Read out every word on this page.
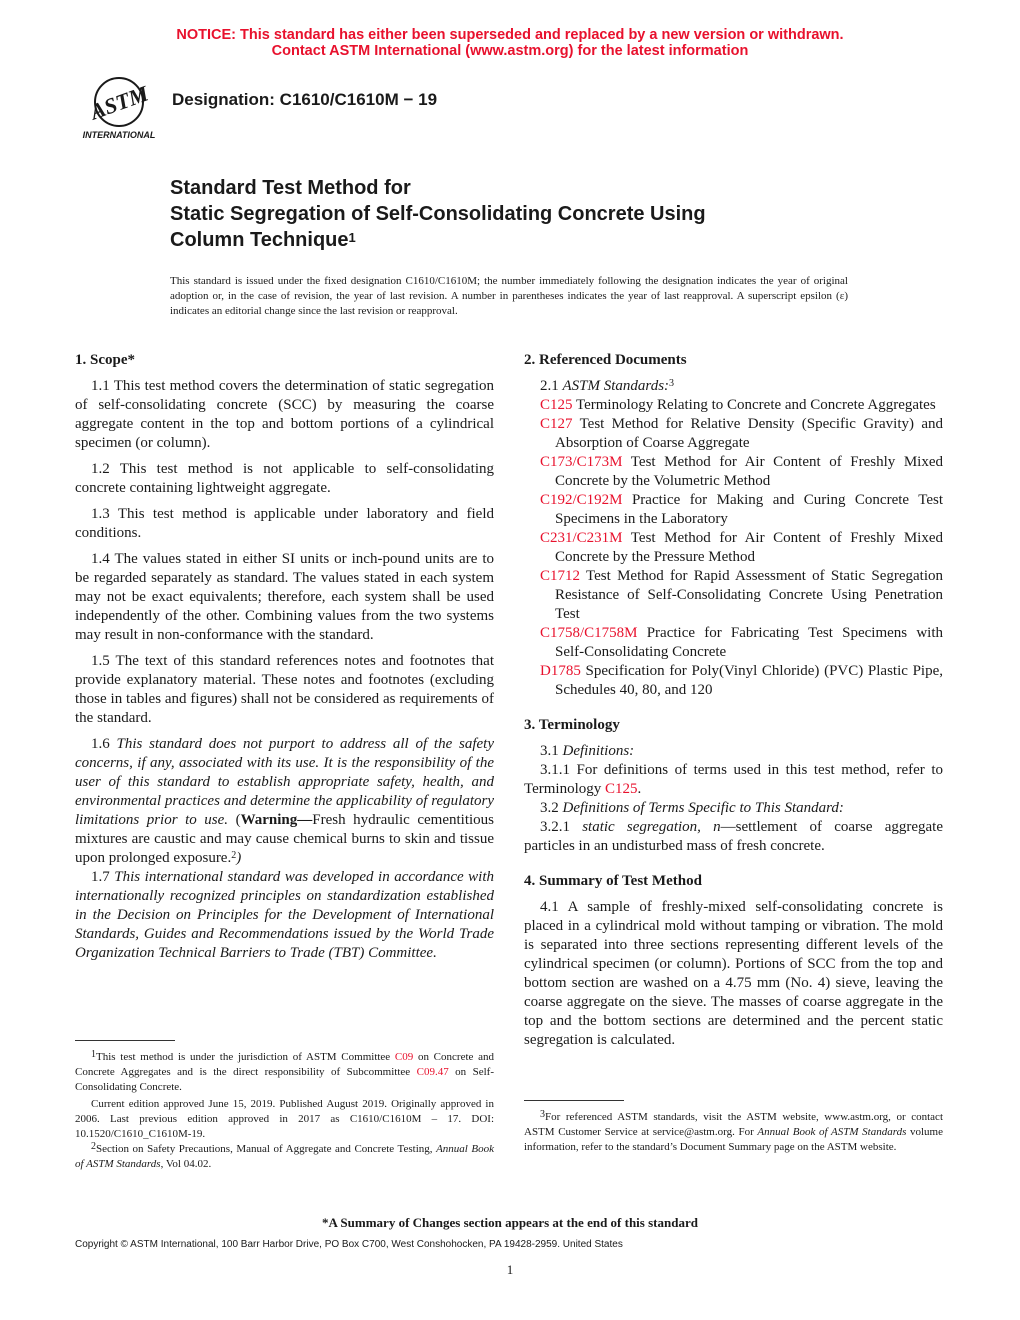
NOTICE: This standard has either been superseded and replaced by a new version or withdrawn.
Contact ASTM International (www.astm.org) for the latest information
ASTM
INTERNATIONAL
Designation: C1610/C1610M − 19
Standard Test Method for
Static Segregation of Self-Consolidating Concrete Using
Column Technique$^1$
This standard is issued under the fixed designation C1610/C1610M; the number immediately following the designation indicates the year of original adoption or, in the case of revision, the year of last revision. A number in parentheses indicates the year of last reapproval. A superscript epsilon (ε) indicates an editorial change since the last revision or reapproval.
1. Scope*

1.1 This test method covers the determination of static segregation of self-consolidating concrete (SCC) by measuring the coarse aggregate content in the top and bottom portions of a cylindrical specimen (or column).

1.2 This test method is not applicable to self-consolidating concrete containing lightweight aggregate.

1.3 This test method is applicable under laboratory and field conditions.

1.4 The values stated in either SI units or inch-pound units are to be regarded separately as standard. The values stated in each system may not be exact equivalents; therefore, each system shall be used independently of the other. Combining values from the two systems may result in non-conformance with the standard.

1.5 The text of this standard references notes and footnotes that provide explanatory material. These notes and footnotes (excluding those in tables and figures) shall not be considered as requirements of the standard.

1.6 This standard does not purport to address all of the safety concerns, if any, associated with its use. It is the responsibility of the user of this standard to establish appropriate safety, health, and environmental practices and determine the applicability of regulatory limitations prior to use. (Warning—Fresh hydraulic cementitious mixtures are caustic and may cause chemical burns to skin and tissue upon prolonged exposure.$^2$)

1.7 This international standard was developed in accordance with internationally recognized principles on standardization established in the Decision on Principles for the Development of International Standards, Guides and Recommendations issued by the World Trade Organization Technical Barriers to Trade (TBT) Committee.

$^1$This test method is under the jurisdiction of ASTM Committee C09 on Concrete and Concrete Aggregates and is the direct responsibility of Subcommittee C09.47 on Self-Consolidating Concrete.

Current edition approved June 15, 2019. Published August 2019. Originally approved in 2006. Last previous edition approved in 2017 as C1610/C1610M – 17. DOI: 10.1520/C1610_C1610M-19.

$^2$Section on Safety Precautions, Manual of Aggregate and Concrete Testing, Annual Book of ASTM Standards, Vol 04.02.

2. Referenced Documents

2.1 ASTM Standards:$^3$

C125 Terminology Relating to Concrete and Concrete Aggregates

C127 Test Method for Relative Density (Specific Gravity) and Absorption of Coarse Aggregate

C173/C173M Test Method for Air Content of Freshly Mixed Concrete by the Volumetric Method

C192/C192M Practice for Making and Curing Concrete Test Specimens in the Laboratory

C231/C231M Test Method for Air Content of Freshly Mixed Concrete by the Pressure Method

C1712 Test Method for Rapid Assessment of Static Segregation Resistance of Self-Consolidating Concrete Using Penetration Test

C1758/C1758M Practice for Fabricating Test Specimens with Self-Consolidating Concrete

D1785 Specification for Poly(Vinyl Chloride) (PVC) Plastic Pipe, Schedules 40, 80, and 120

3. Terminology

3.1 Definitions:

3.1.1 For definitions of terms used in this test method, refer to Terminology C125.

3.2 Definitions of Terms Specific to This Standard:

3.2.1 static segregation, n—settlement of coarse aggregate particles in an undisturbed mass of fresh concrete.

4. Summary of Test Method

4.1 A sample of freshly-mixed self-consolidating concrete is placed in a cylindrical mold without tamping or vibration. The mold is separated into three sections representing different levels of the cylindrical specimen (or column). Portions of SCC from the top and bottom section are washed on a 4.75 mm (No. 4) sieve, leaving the coarse aggregate on the sieve. The masses of coarse aggregate in the top and the bottom sections are determined and the percent static segregation is calculated.

$^3$For referenced ASTM standards, visit the ASTM website, www.astm.org, or contact ASTM Customer Service at service@astm.org. For Annual Book of ASTM Standards volume information, refer to the standard’s Document Summary page on the ASTM website.

*A Summary of Changes section appears at the end of this standard
Copyright © ASTM International, 100 Barr Harbor Drive, PO Box C700, West Conshohocken, PA 19428-2959. United States
1
